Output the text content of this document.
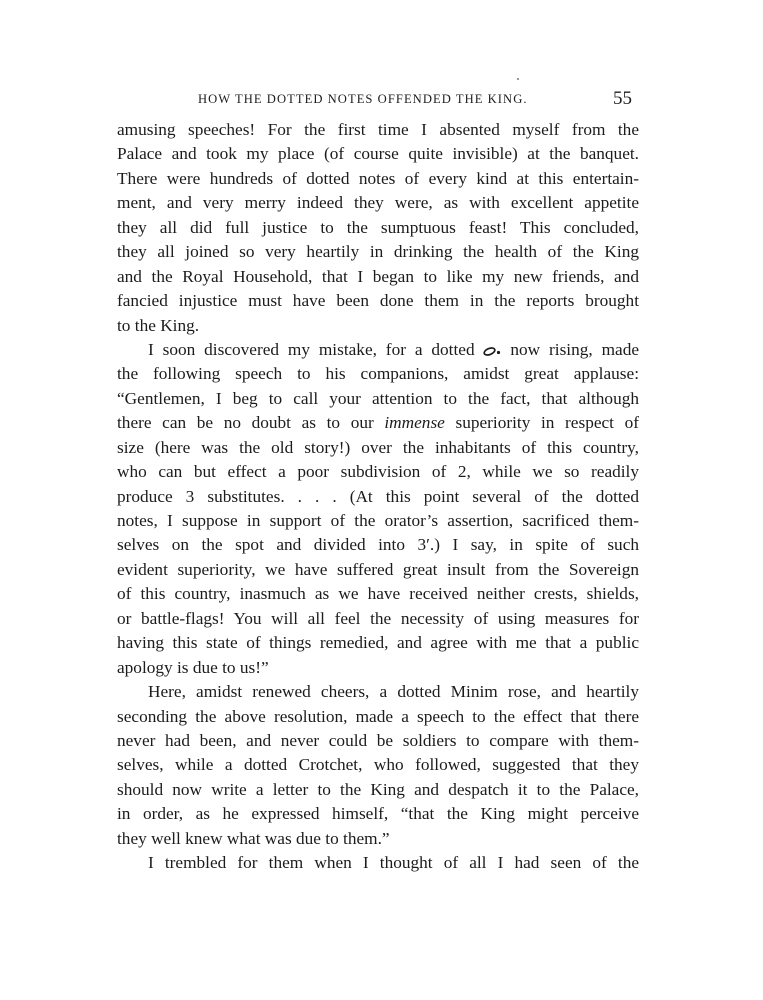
HOW THE DOTTED NOTES OFFENDED THE KING.	55
amusing speeches! For the first time I absented myself from the
Palace and took my place (of course quite invisible) at the banquet.
There were hundreds of dotted notes of every kind at this entertain-
ment, and very merry indeed they were, as with excellent appetite
they all did full justice to the sumptuous feast! This concluded,
they all joined so very heartily in drinking the health of the King
and the Royal Household, that I began to like my new friends, and
fancied injustice must have been done them in the reports brought
to the King.
I soon discovered my mistake, for a dotted now rising, made
the following speech to his companions, amidst great applause:
“Gentlemen, I beg to call your attention to the fact, that although
there can be no doubt as to our immense superiority in respect of
size (here was the old story!) over the inhabitants of this country,
who can but effect a poor subdivision of 2, while we so readily
produce 3 substitutes. . . . (At this point several of the dotted
notes, I suppose in support of the orator’s assertion, sacrificed them-
selves on the spot and divided into 3′.) I say, in spite of such
evident superiority, we have suffered great insult from the Sovereign
of this country, inasmuch as we have received neither crests, shields,
or battle-flags! You will all feel the necessity of using measures for
having this state of things remedied, and agree with me that a public
apology is due to us!”
Here, amidst renewed cheers, a dotted Minim rose, and heartily
seconding the above resolution, made a speech to the effect that there
never had been, and never could be soldiers to compare with them-
selves, while a dotted Crotchet, who followed, suggested that they
should now write a letter to the King and despatch it to the Palace,
in order, as he expressed himself, “that the King might perceive
they well knew what was due to them.”
I trembled for them when I thought of all I had seen of the
